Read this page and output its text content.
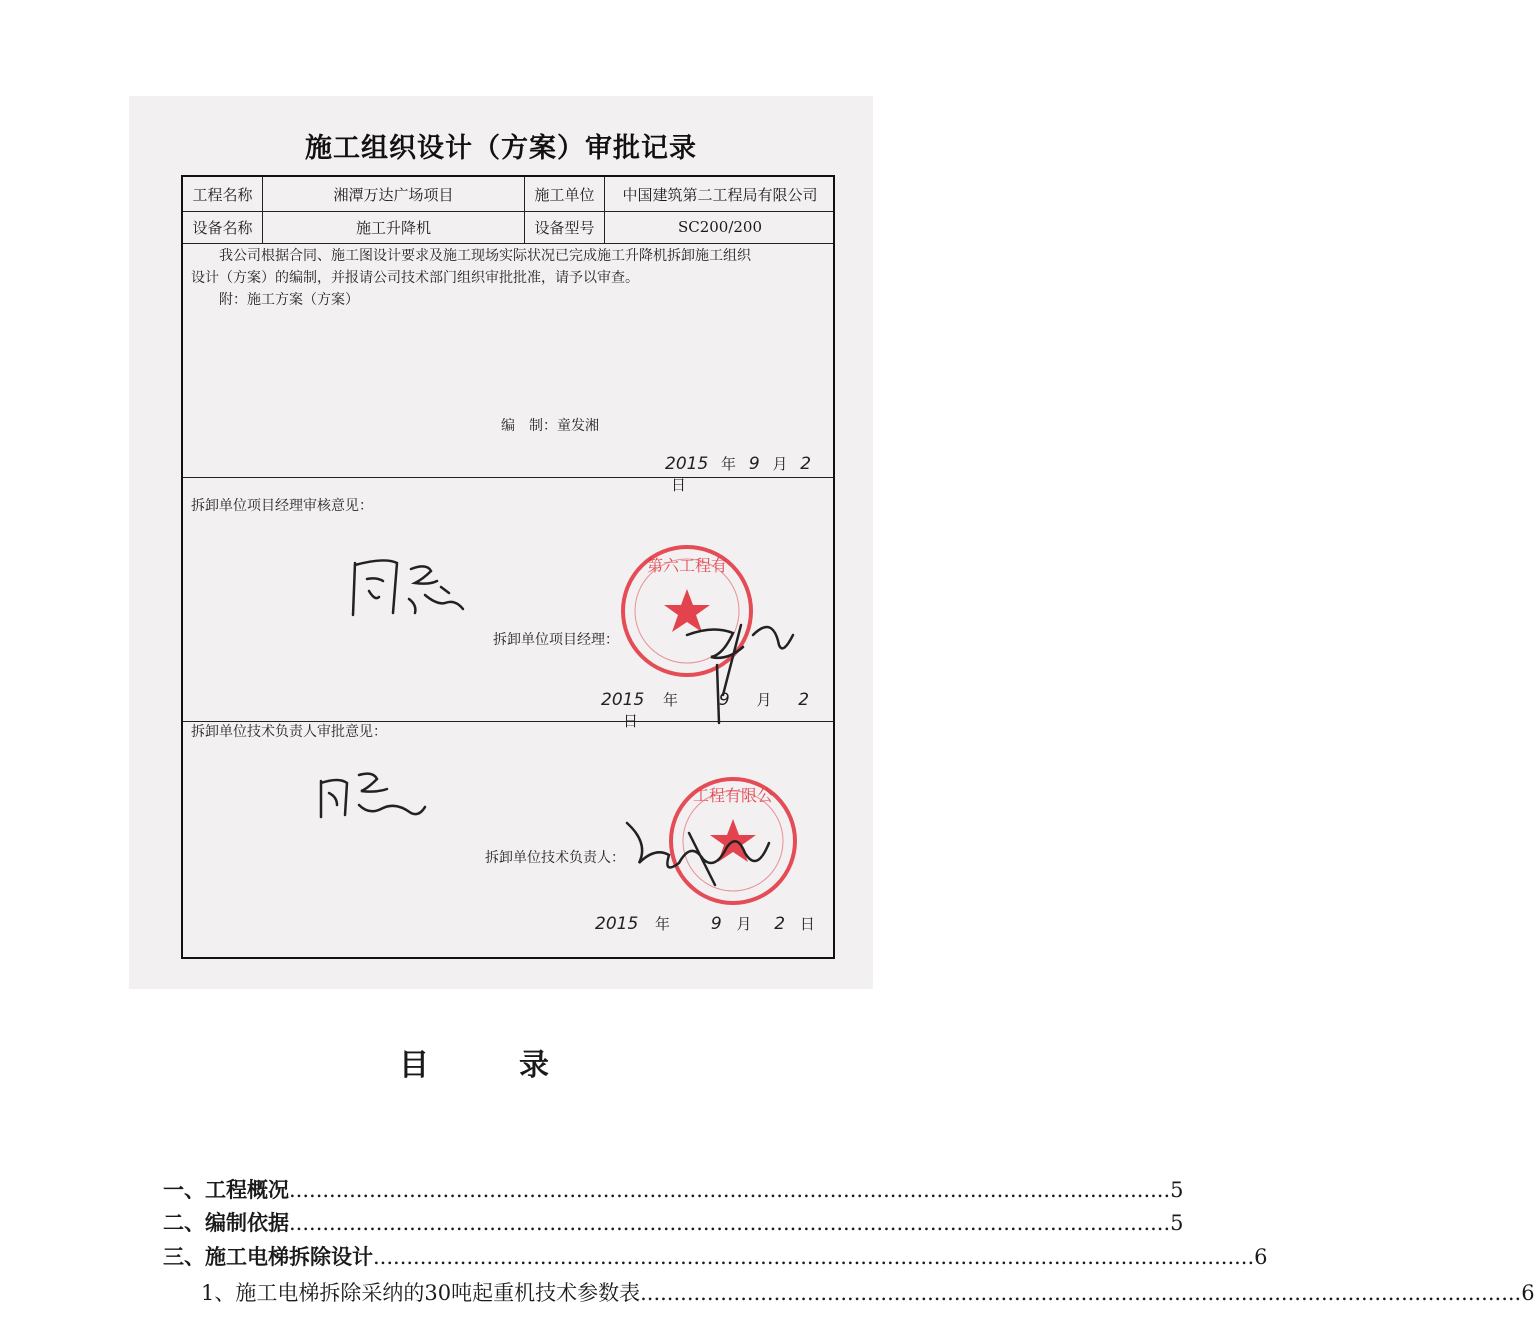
施工组织设计（方案）审批记录
工程名称	湘潭万达广场项目	施工单位	中国建筑第二工程局有限公司
设备名称	施工升降机	设备型号	SC200/200
我公司根据合同、施工图设计要求及施工现场实际状况已完成施工升降机拆卸施工组织
设计（方案）的编制，并报请公司技术部门组织审批批准，请予以审查。
附：施工方案（方案）
编　制：童发湘
2015 年 9 月 2 日
拆卸单位项目经理审核意见：
第六工程有
拆卸单位项目经理：
2015 年 9 月 2 日
拆卸单位技术负责人审批意见：
工程有限公
拆卸单位技术负责人：
2015 年 9 月 2 日
目	录
一、工程概况 .................................................................................................................................... 5
二、编制依据 .................................................................................................................................... 5
三、施工电梯拆除设计 .................................................................................................................................... 6
1、施工电梯拆除采纳的30吨起重机技术参数表 .................................................................................................................................... 6
